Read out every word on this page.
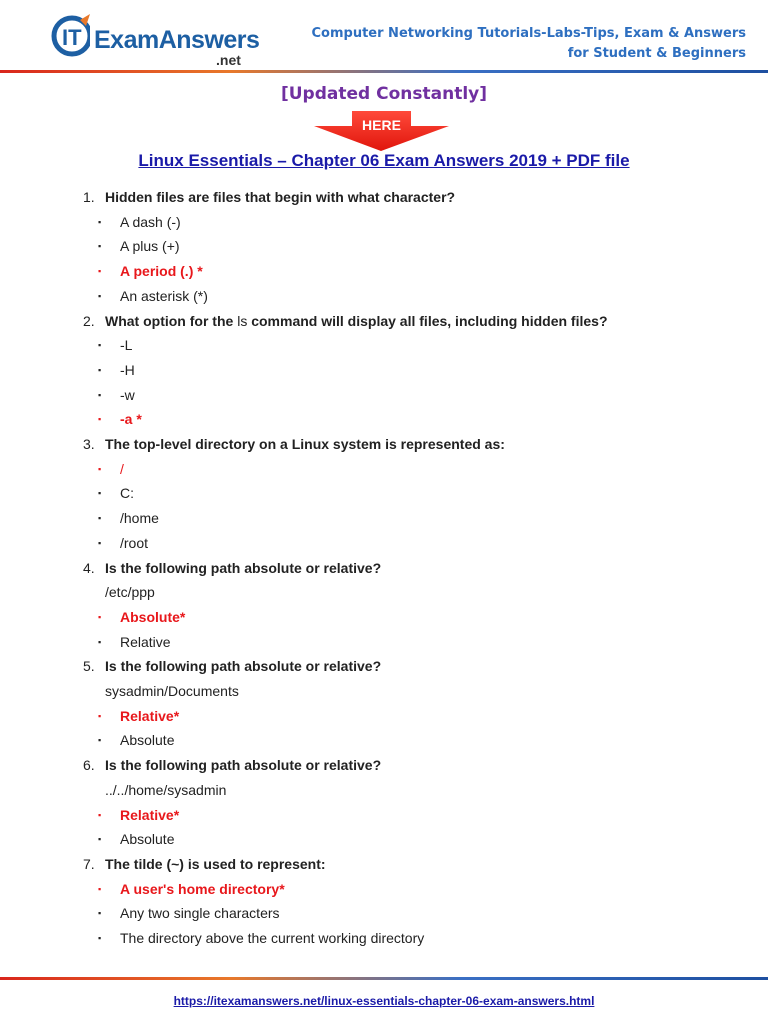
IT ExamAnswers
.net
Computer Networking Tutorials-Labs-Tips, Exam & Answers
for Student & Beginners
[Updated Constantly]
HERE
Linux Essentials – Chapter 06 Exam Answers 2019 + PDF file
1. Hidden files are files that begin with what character?
▪ A dash (-)
▪ A plus (+)
▪ A period (.) *
▪ An asterisk (*)
2. What option for the ls command will display all files, including hidden files?
▪ -L
▪ -H
▪ -w
▪ -a *
3. The top-level directory on a Linux system is represented as:
▪ /
▪ C:
▪ /home
▪ /root
4. Is the following path absolute or relative?
/etc/ppp
▪ Absolute*
▪ Relative
5. Is the following path absolute or relative?
sysadmin/Documents
▪ Relative*
▪ Absolute
6. Is the following path absolute or relative?
../../home/sysadmin
▪ Relative*
▪ Absolute
7. The tilde (~) is used to represent:
▪ A user's home directory*
▪ Any two single characters
▪ The directory above the current working directory
https://itexamanswers.net/linux-essentials-chapter-06-exam-answers.html
